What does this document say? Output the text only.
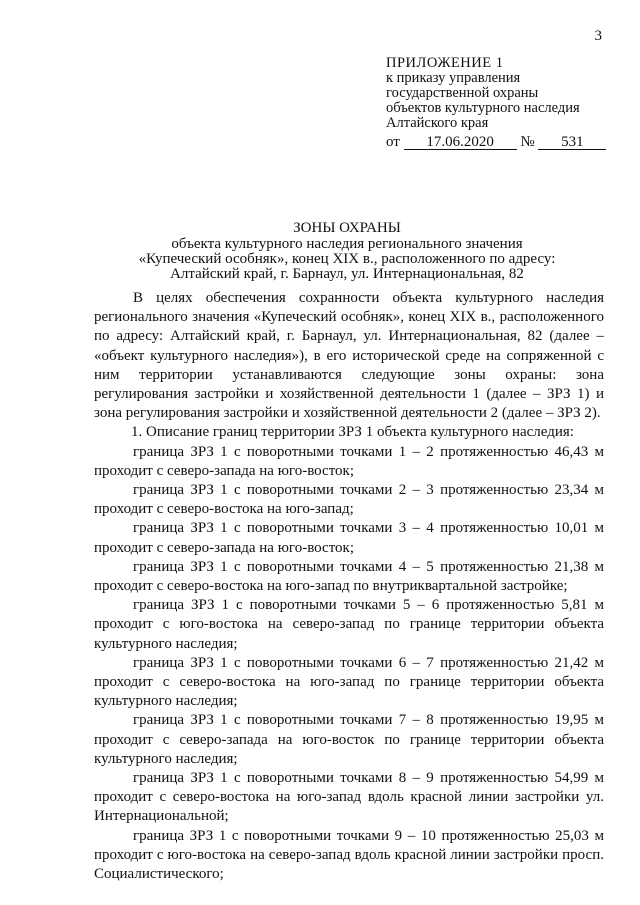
3
ПРИЛОЖЕНИЕ 1
к приказу управления
государственной охраны
объектов культурного наследия
Алтайского края
от 17.06.2020 № 531
ЗОНЫ ОХРАНЫ
объекта культурного наследия регионального значения
«Купеческий особняк», конец XIX в., расположенного по адресу:
Алтайский край, г. Барнаул, ул. Интернациональная, 82

В целях обеспечения сохранности объекта культурного наследия регионального значения «Купеческий особняк», конец XIX в., расположенного по адресу: Алтайский край, г. Барнаул, ул. Интернациональная, 82 (далее – «объект культурного наследия»), в его исторической среде на сопряженной с ним территории устанавливаются следующие зоны охраны: зона регулирования застройки и хозяйственной деятельности 1 (далее – ЗРЗ 1) и зона регулирования застройки и хозяйственной деятельности 2 (далее – ЗРЗ 2).

1. Описание границ территории ЗРЗ 1 объекта культурного наследия:

граница ЗРЗ 1 с поворотными точками 1 – 2 протяженностью 46,43 м проходит с северо-запада на юго-восток;

граница ЗРЗ 1 с поворотными точками 2 – 3 протяженностью 23,34 м проходит с северо-востока на юго-запад;

граница ЗРЗ 1 с поворотными точками 3 – 4 протяженностью 10,01 м проходит с северо-запада на юго-восток;

граница ЗРЗ 1 с поворотными точками 4 – 5 протяженностью 21,38 м проходит с северо-востока на юго-запад по внутриквартальной застройке;

граница ЗРЗ 1 с поворотными точками 5 – 6 протяженностью 5,81 м проходит с юго-востока на северо-запад по границе территории объекта культурного наследия;

граница ЗРЗ 1 с поворотными точками 6 – 7 протяженностью 21,42 м проходит с северо-востока на юго-запад по границе территории объекта культурного наследия;

граница ЗРЗ 1 с поворотными точками 7 – 8 протяженностью 19,95 м проходит с северо-запада на юго-восток по границе территории объекта культурного наследия;

граница ЗРЗ 1 с поворотными точками 8 – 9 протяженностью 54,99 м проходит с северо-востока на юго-запад вдоль красной линии застройки ул. Интернациональной;

граница ЗРЗ 1 с поворотными точками 9 – 10 протяженностью 25,03 м проходит с юго-востока на северо-запад вдоль красной линии застройки просп. Социалистического;
